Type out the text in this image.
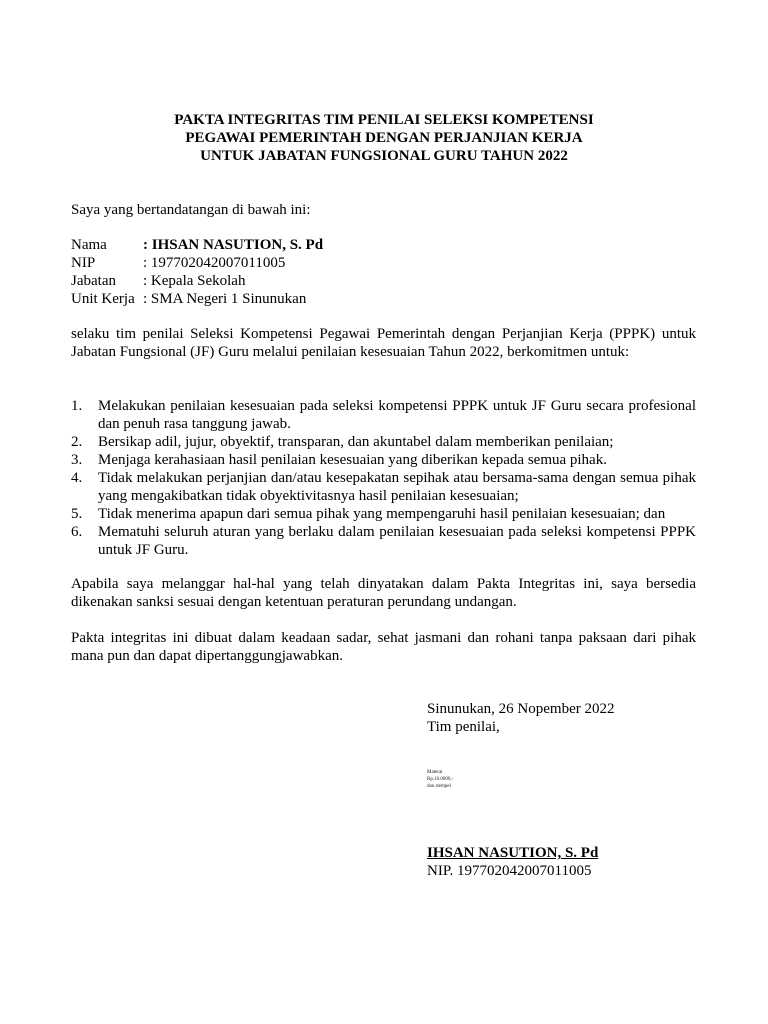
PAKTA INTEGRITAS TIM PENILAI SELEKSI KOMPETENSI
PEGAWAI PEMERINTAH DENGAN PERJANJIAN KERJA
UNTUK JABATAN FUNGSIONAL GURU TAHUN 2022
Saya yang bertandatangan di bawah ini:
Nama	: IHSAN NASUTION, S. Pd
NIP	: 197702042007011005
Jabatan	: Kepala Sekolah
Unit Kerja : SMA Negeri 1 Sinunukan
selaku tim penilai Seleksi Kompetensi Pegawai Pemerintah dengan Perjanjian Kerja (PPPK) untuk Jabatan Fungsional (JF) Guru melalui penilaian kesesuaian Tahun 2022, berkomitmen untuk:
1.	Melakukan penilaian kesesuaian pada seleksi kompetensi PPPK untuk JF Guru secara profesional dan penuh rasa tanggung jawab.
2.	Bersikap adil, jujur, obyektif, transparan, dan akuntabel dalam memberikan penilaian;
3.	Menjaga kerahasiaan hasil penilaian kesesuaian yang diberikan kepada semua pihak.
4.	Tidak melakukan perjanjian dan/atau kesepakatan sepihak atau bersama-sama dengan semua pihak yang mengakibatkan tidak obyektivitasnya hasil penilaian kesesuaian;
5.	Tidak menerima apapun dari semua pihak yang mempengaruhi hasil penilaian kesesuaian; dan
6.	Mematuhi seluruh aturan yang berlaku dalam penilaian kesesuaian pada seleksi kompetensi PPPK untuk JF Guru.
Apabila saya melanggar hal-hal yang telah dinyatakan dalam Pakta Integritas ini, saya bersedia dikenakan sanksi sesuai dengan ketentuan peraturan perundang undangan.
Pakta integritas ini dibuat dalam keadaan sadar, sehat jasmani dan rohani tanpa paksaan dari pihak mana pun dan dapat dipertanggungjawabkan.
Sinunukan, 26 Nopember 2022
Tim penilai,
Materai
Rp.10.0000,-
dan stempel
IHSAN NASUTION, S. Pd
NIP. 197702042007011005
